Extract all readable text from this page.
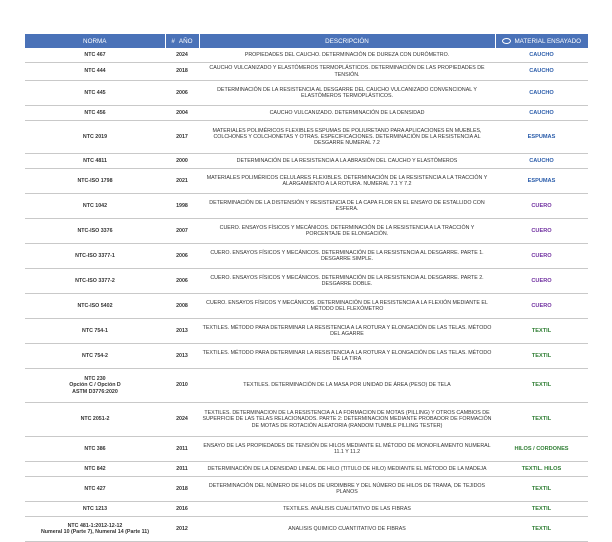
NORMA	# AÑO	DESCRIPCIÓN	MATERIAL ENSAYADO
NTC 467	2024	PROPIEDADES DEL CAUCHO. DETERMINACIÓN DE DUREZA CON DURÓMETRO.	CAUCHO
NTC 444	2018	CAUCHO VULCANIZADO Y ELASTÓMEROS TERMOPLÁSTICOS. DETERMINACIÓN DE LAS PROPIEDADES DE TENSIÓN.	CAUCHO
NTC 445	2006	DETERMINACIÓN DE LA RESISTENCIA AL DESGARRE DEL CAUCHO VULCANIZADO CONVENCIONAL Y ELASTÓMEROS TERMOPLÁSTICOS.	CAUCHO
NTC 456	2004	CAUCHO VULCANIZADO. DETERMINACIÓN DE LA DENSIDAD	CAUCHO
NTC 2019	2017	MATERIALES POLIMÉRICOS FLEXIBLES ESPUMAS DE POLIURETANO PARA APLICACIONES EN MUEBLES, COLCHONES Y COLCHONETAS Y OTRAS. ESPECIFICACIONES. DETERMINACIÓN DE LA RESISTENCIA AL DESGARRE NUMERAL 7.2	ESPUMAS
NTC 4811	2000	DETERMINACIÓN DE LA RESISTENCIA A LA ABRASIÓN DEL CAUCHO Y ELASTÓMEROS	CAUCHO
NTC-ISO 1798	2021	MATERIALES POLIMÉRICOS CELULARES FLEXIBLES. DETERMINACIÓN DE LA RESISTENCIA A LA TRACCIÓN Y ALARGAMIENTO A LA ROTURA. NUMERAL 7.1 Y 7.2	ESPUMAS
NTC 1042	1998	DETERMINACIÓN DE LA DISTENSIÓN Y RESISTENCIA DE LA CAPA FLOR EN EL ENSAYO DE ESTALLIDO CON ESFERA.	CUERO
NTC-ISO 3376	2007	CUERO. ENSAYOS FÍSICOS Y MECÁNICOS. DETERMINACIÓN DE LA RESISTENCIA A LA TRACCIÓN Y PORCENTAJE DE ELONGACIÓN.	CUERO
NTC-ISO 3377-1	2006	CUERO. ENSAYOS FÍSICOS Y MECÁNICOS. DETERMINACIÓN DE LA RESISTENCIA AL DESGARRE. PARTE 1. DESGARRE SIMPLE.	CUERO
NTC-ISO 3377-2	2006	CUERO. ENSAYOS FÍSICOS Y MECÁNICOS. DETERMINACIÓN DE LA RESISTENCIA AL DESGARRE. PARTE 2. DESGARRE DOBLE.	CUERO
NTC-ISO 5402	2008	CUERO. ENSAYOS FÍSICOS Y MECÁNICOS. DETERMINACIÓN DE LA RESISTENCIA A LA FLEXIÓN MEDIANTE EL MÉTODO DEL FLEXÓMETRO	CUERO
NTC 754-1	2013	TEXTILES. MÉTODO PARA DETERMINAR LA RESISTENCIA A LA ROTURA Y ELONGACIÓN DE LAS TELAS. MÉTODO DEL AGARRE	TEXTIL
NTC 754-2	2013	TEXTILES. MÉTODO PARA DETERMINAR LA RESISTENCIA A LA ROTURA Y ELONGACIÓN DE LAS TELAS. MÉTODO DE LA TIRA	TEXTIL
NTC 230
Opción C / Opción D
ASTM D3776:2020	2010	TEXTILES. DETERMINACIÓN DE LA MASA POR UNIDAD DE ÁREA (PESO) DE TELA	TEXTIL
NTC 2051-2	2024	TEXTILES. DETERMINACION DE LA RESISTENCIA A LA FORMACION DE MOTAS (PILLING) Y OTROS CAMBIOS DE SUPERFICIE DE LAS TELAS RELACIONADOS. PARTE 2: DETERMINACION MEDIANTE PROBADOR DE FORMACIÓN DE MOTAS DE ROTACIÓN ALEATORIA (RANDOM TUMBLE PILLING TESTER)	TEXTIL
NTC 386	2011	ENSAYO DE LAS PROPIEDADES DE TENSIÓN DE HILOS MEDIANTE EL MÉTODO DE MONOFILAMENTO NUMERAL 11.1 Y 11.2	HILOS / CORDONES
NTC 842	2011	DETERMINACIÓN DE LA DENSIDAD LINEAL DE HILO (TITULO DE HILO) MEDIANTE EL MÉTODO DE LA MADEJA	TEXTIL. HILOS
NTC 427	2018	DETERMINACIÓN DEL NÚMERO DE HILOS DE URDIMBRE Y DEL NÚMERO DE HILOS DE TRAMA, DE TEJIDOS PLANOS	TEXTIL
NTC 1213	2016	TEXTILES. ANÁLISIS CUALITATIVO DE LAS FIBRAS	TEXTIL
NTC 481-1:2012-12-12
Numeral 10 (Parte 7), Numeral 14 (Parte 11)	2012	ANALISIS QUIMICO CUANTITATIVO DE FIBRAS	TEXTIL
